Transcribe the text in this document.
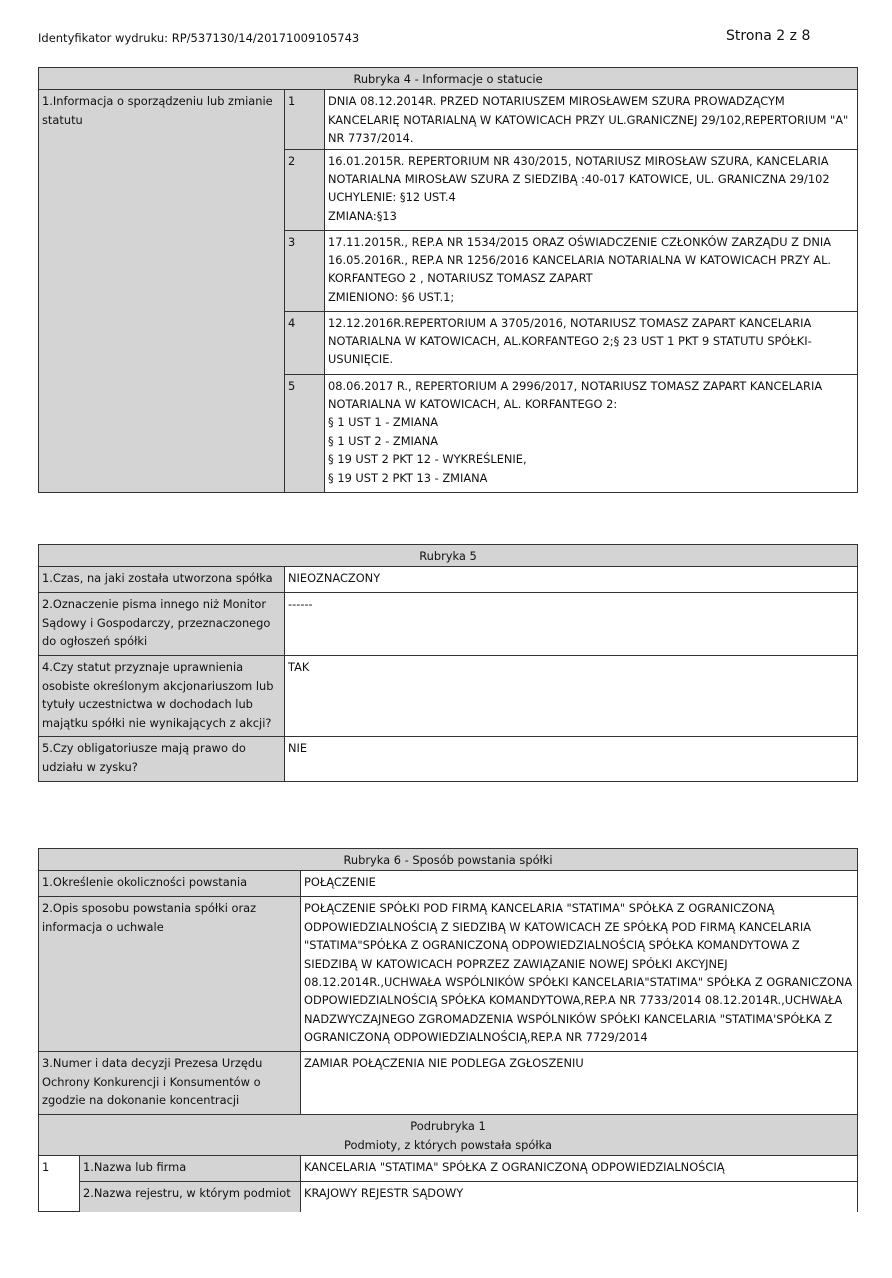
Identyfikator wydruku: RP/537130/14/20171009105743	Strona 2 z 8
Rubryka 4 - Informacje o statucie		
1.Informacja o sporządzeniu lub zmianie statutu	1	DNIA 08.12.2014R. PRZED NOTARIUSZEM MIROSŁAWEM SZURA PROWADZĄCYM KANCELARIĘ NOTARIALNĄ W KATOWICACH PRZY UL.GRANICZNEJ 29/102,REPERTORIUM "A" NR 7737/2014.
	2	16.01.2015R. REPERTORIUM NR 430/2015, NOTARIUSZ MIROSŁAW SZURA, KANCELARIA NOTARIALNA MIROSŁAW SZURA Z SIEDZIBĄ :40-017 KATOWICE, UL. GRANICZNA 29/102
UCHYLENIE: §12 UST.4
ZMIANA:§13
	3	17.11.2015R., REP.A NR 1534/2015 ORAZ OŚWIADCZENIE CZŁONKÓW ZARZĄDU Z DNIA 16.05.2016R., REP.A NR 1256/2016 KANCELARIA NOTARIALNA W KATOWICACH PRZY AL. KORFANTEGO 2 , NOTARIUSZ TOMASZ ZAPART
ZMIENIONO: §6 UST.1;
	4	12.12.2016R.REPERTORIUM A 3705/2016, NOTARIUSZ TOMASZ ZAPART KANCELARIA NOTARIALNA W KATOWICACH, AL.KORFANTEGO 2;§ 23 UST 1 PKT 9 STATUTU SPÓŁKI- USUNIĘCIE.
	5	08.06.2017 R., REPERTORIUM A 2996/2017, NOTARIUSZ TOMASZ ZAPART KANCELARIA NOTARIALNA W KATOWICACH, AL. KORFANTEGO 2:
§ 1 UST 1 - ZMIANA
§ 1 UST 2 - ZMIANA
§ 19 UST 2 PKT 12 - WYKREŚLENIE,
§ 19 UST 2 PKT 13 - ZMIANA
Rubryka 5	
1.Czas, na jaki została utworzona spółka	NIEOZNACZONY
2.Oznaczenie pisma innego niż Monitor Sądowy i Gospodarczy, przeznaczonego do ogłoszeń spółki	------
4.Czy statut przyznaje uprawnienia osobiste określonym akcjonariuszom lub tytuły uczestnictwa w dochodach lub majątku spółki nie wynikających z akcji?	TAK
5.Czy obligatoriusze mają prawo do udziału w zysku?	NIE
Rubryka 6 - Sposób powstania spółki		
1.Określenie okoliczności powstania		POŁĄCZENIE
2.Opis sposobu powstania spółki oraz informacja o uchwale		POŁĄCZENIE SPÓŁKI POD FIRMĄ KANCELARIA "STATIMA" SPÓŁKA Z OGRANICZONĄ ODPOWIEDZIALNOŚCIĄ Z SIEDZIBĄ W KATOWICACH ZE SPÓŁKĄ POD FIRMĄ KANCELARIA "STATIMA"SPÓŁKA Z OGRANICZONĄ ODPOWIEDZIALNOŚCIĄ SPÓŁKA KOMANDYTOWA Z SIEDZIBĄ W KATOWICACH POPRZEZ ZAWIĄZANIE NOWEJ SPÓŁKI AKCYJNEJ 08.12.2014R.,UCHWAŁA WSPÓLNIKÓW SPÓŁKI KANCELARIA"STATIMA" SPÓŁKA Z OGRANICZONA ODPOWIEDZIALNOŚCIĄ SPÓŁKA KOMANDYTOWA,REP.A NR 7733/2014 08.12.2014R.,UCHWAŁA NADZWYCZAJNEGO ZGROMADZENIA WSPÓLNIKÓW SPÓŁKI KANCELARIA "STATIMA'SPÓŁKA Z OGRANICZONĄ ODPOWIEDZIALNOŚCIĄ,REP.A NR 7729/2014
3.Numer i data decyzji Prezesa Urzędu Ochrony Konkurencji i Konsumentów o zgodzie na dokonanie koncentracji		ZAMIAR POŁĄCZENIA NIE PODLEGA ZGŁOSZENIU

Podrubryka 1
Podmioty, z których powstała spółka		

1	1.Nazwa lub firma	KANCELARIA "STATIMA" SPÓŁKA Z OGRANICZONĄ ODPOWIEDZIALNOŚCIĄ
	2.Nazwa rejestru, w którym podmiot	KRAJOWY REJESTR SĄDOWY
